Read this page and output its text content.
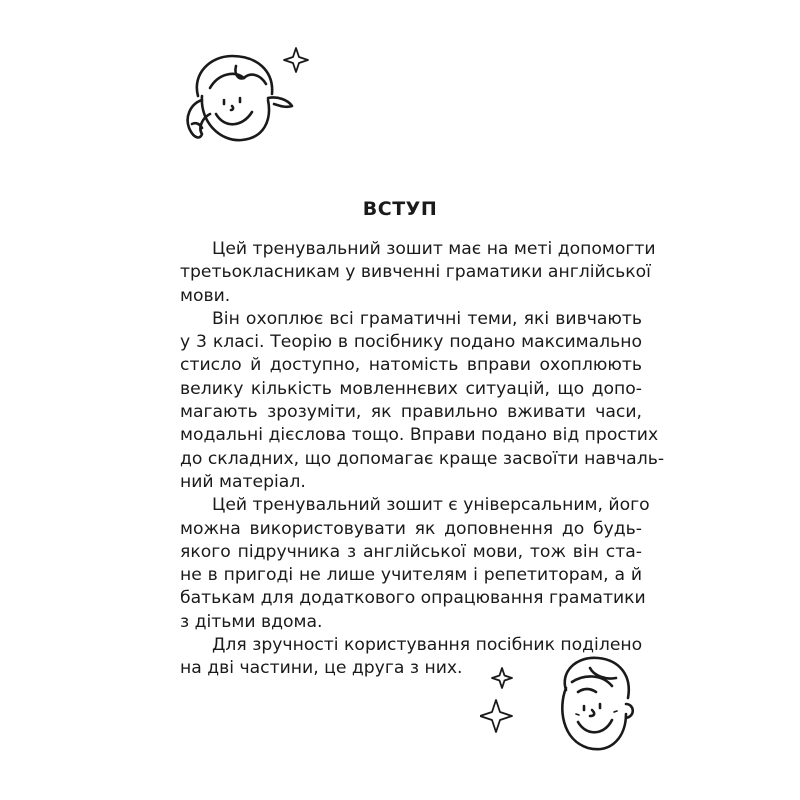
ВСТУП
Цей тренувальний зошит має на меті допомогти
третьокласникам у вивченні граматики англійської
мови.
Він охоплює всі граматичні теми, які вивчають
у 3 класі. Теорію в посібнику подано максимально
стисло й доступно, натомість вправи охоплюють
велику кількість мовленнєвих ситуацій, що допо-
магають зрозуміти, як правильно вживати часи,
модальні дієслова тощо. Вправи подано від простих
до складних, що допомагає краще засвоїти навчаль-
ний матеріал.
Цей тренувальний зошит є універсальним, його
можна використовувати як доповнення до будь-
якого підручника з англійської мови, тож він ста-
не в пригоді не лише учителям і репетиторам, а й
батькам для додаткового опрацювання граматики
з дітьми вдома.
Для зручності користування посібник поділено
на дві частини, це друга з них.
